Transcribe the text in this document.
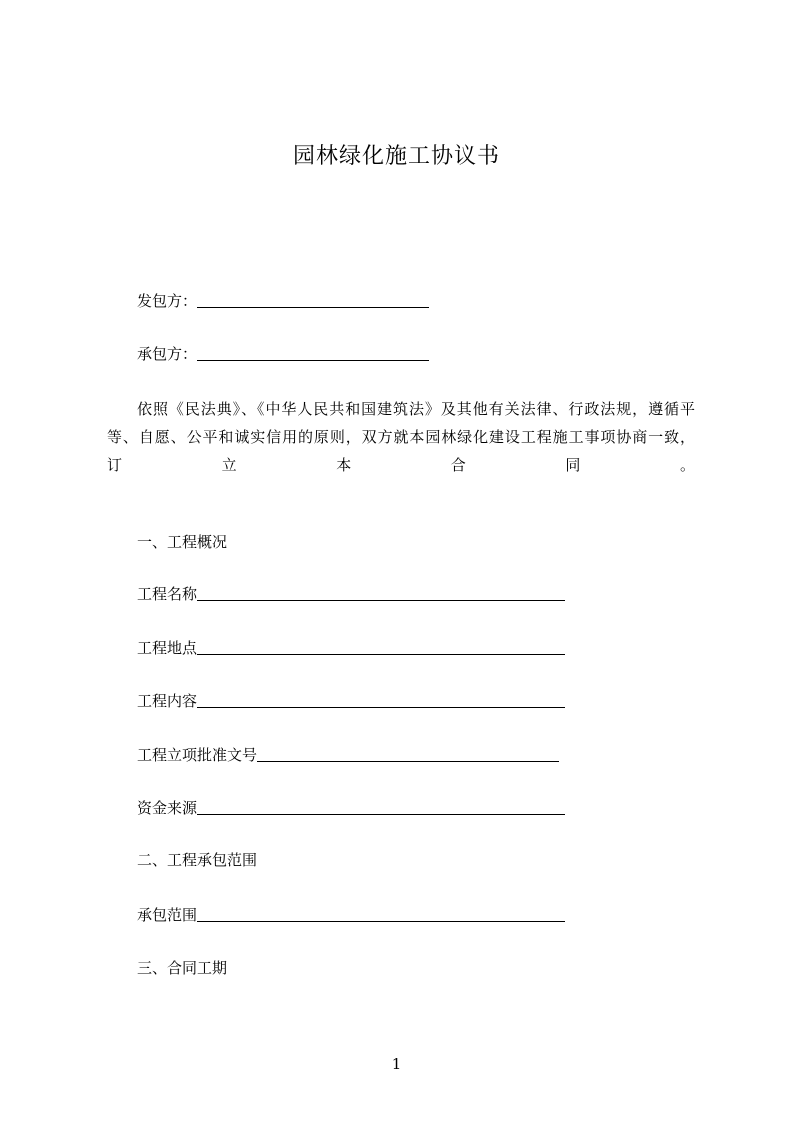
园林绿化施工协议书
发包方：
承包方：
依照《民法典》、《中华人民共和国建筑法》及其他有关法律、行政法规，遵循平
等、自愿、公平和诚实信用的原则，双方就本园林绿化建设工程施工事项协商一致，
订立本合同。
一、工程概况
工程名称
工程地点
工程内容
工程立项批准文号
资金来源
二、工程承包范围
承包范围
三、合同工期
1
